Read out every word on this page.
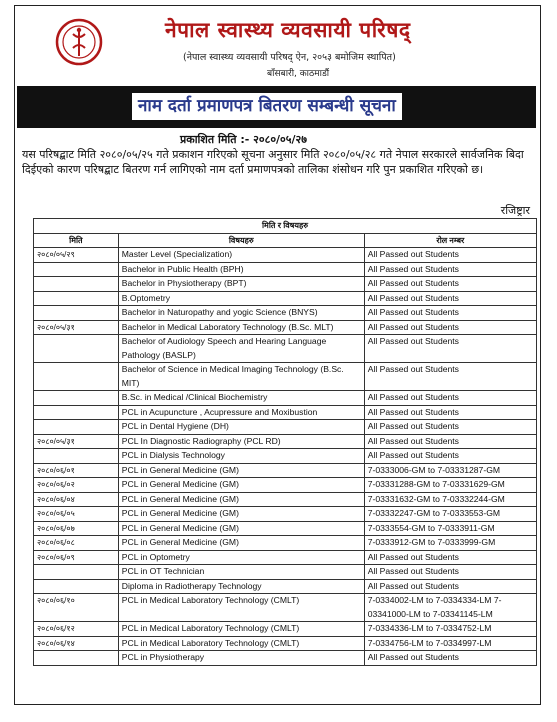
नेपाल स्वास्थ्य व्यवसायी परिषद्
(नेपाल स्वास्थ्य व्यवसायी परिषद् ऐन, २०५३ बमोजिम स्थापित)
बाँसबारी, काठमाडौं
नाम दर्ता प्रमाणपत्र बितरण सम्बन्धी सूचना
प्रकाशित मिति :- २०८०/०५/२७

यस परिषद्बाट मिति २०८०/०५/२५ गते प्रकाशन गरिएको सूचना अनुसार मिति २०८०/०५/२८ गते नेपाल सरकारले सार्वजनिक बिदा दिईएको कारण परिषद्बाट बितरण गर्न लागिएको नाम दर्ता प्रमाणपत्रको तालिका शंसोधन गरि पुन प्रकाशित गरिएको छ।

रजिष्ट्रार
मिति र विषयहरु		
मिति	विषयहरु	रोल नम्बर
२०८०/०५/२९	Master Level (Specialization)	All Passed out Students
	Bachelor in Public Health (BPH)	All Passed out Students
	Bachelor in Physiotherapy (BPT)	All Passed out Students
	B.Optometry	All Passed out Students
	Bachelor in Naturopathy and yogic Science (BNYS)	All Passed out Students
२०८०/०५/३१	Bachelor in Medical Laboratory Technology (B.Sc. MLT)	All Passed out Students
	Bachelor of Audiology Speech and Hearing Language Pathology (BASLP)	All Passed out Students
	Bachelor of Science in Medical Imaging Technology (B.Sc. MIT)	All Passed out Students
	B.Sc. in Medical /Clinical Biochemistry	All Passed out Students
	PCL in Acupuncture , Acupressure and Moxibustion	All Passed out Students
	PCL in Dental Hygiene (DH)	All Passed out Students
२०८०/०५/३१	PCL In Diagnostic Radiography (PCL RD)	All Passed out Students
	PCL in Dialysis Technology	All Passed out Students
२०८०/०६/०१	PCL in General Medicine (GM)	7-0333006-GM to 7-03331287-GM
२०८०/०६/०२	PCL in General Medicine (GM)	7-03331288-GM to 7-03331629-GM
२०८०/०६/०४	PCL in General Medicine (GM)	7-03331632-GM to 7-03332244-GM
२०८०/०६/०५	PCL in General Medicine (GM)	7-03332247-GM to 7-0333553-GM
२०८०/०६/०७	PCL in General Medicine (GM)	7-0333554-GM to 7-0333911-GM
२०८०/०६/०८	PCL in General Medicine (GM)	7-0333912-GM to 7-0333999-GM
२०८०/०६/०९	PCL in Optometry	All Passed out Students
	PCL in OT Technician	All Passed out Students
	Diploma in Radiotherapy Technology	All Passed out Students
२०८०/०६/१०	PCL in Medical Laboratory Technology (CMLT)	7-0334002-LM to 7-0334334-LM 7-03341000-LM to 7-03341145-LM
२०८०/०६/१२	PCL in Medical Laboratory Technology (CMLT)	7-0334336-LM to 7-0334752-LM
२०८०/०६/१४	PCL in Medical Laboratory Technology (CMLT)	7-0334756-LM to 7-0334997-LM
	PCL in Physiotherapy	All Passed out Students
